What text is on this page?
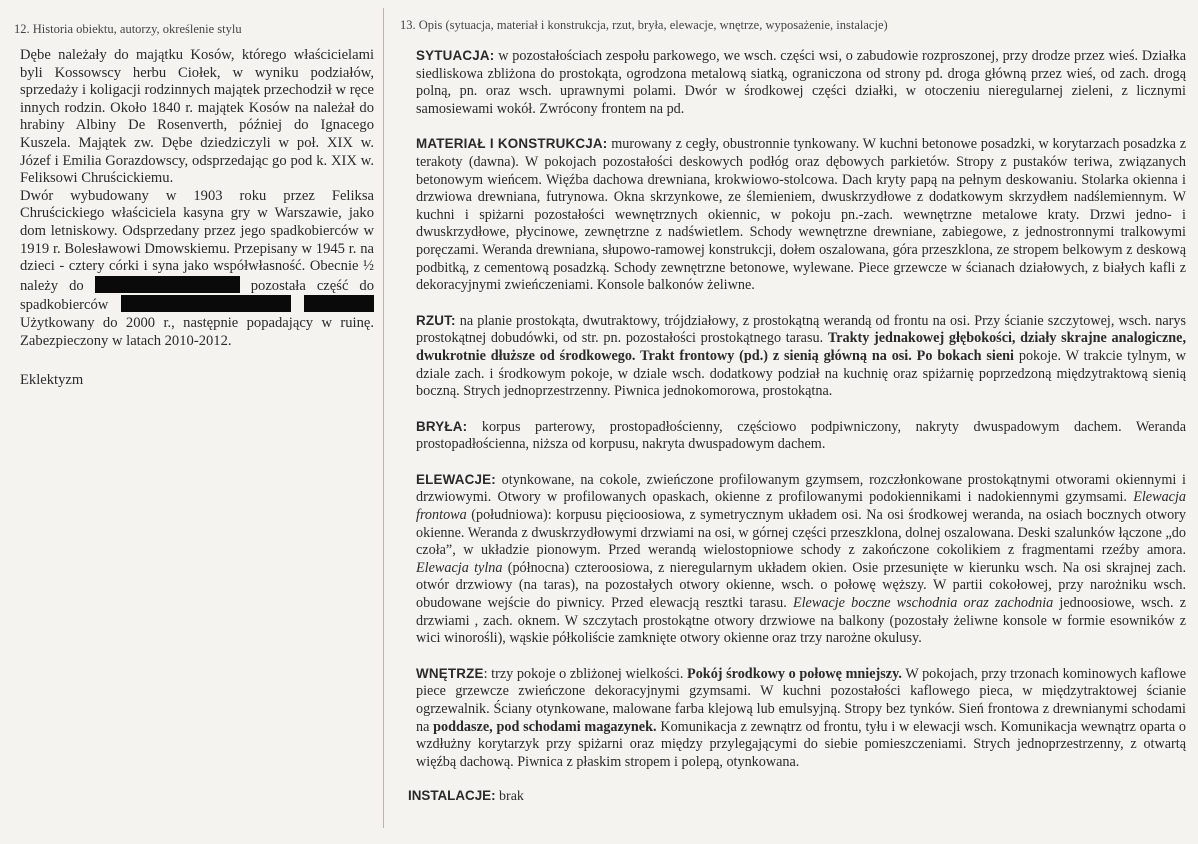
12. Historia obiektu, autorzy, określenie stylu

Dębe należały do majątku Kosów, którego właścicielami byli Kossowscy herbu Ciołek, w wyniku podziałów, sprzedaży i koligacji rodzinnych majątek przechodził w ręce innych rodzin. Około 1840 r. majątek Kosów na należał do hrabiny Albiny De Rosenverth, później do Ignacego Kuszela. Majątek zw. Dębe dziedziczyli w poł. XIX w. Józef i Emilia Gorazdowscy, odsprzedając go pod k. XIX w. Feliksowi Chruścickiemu.

Dwór wybudowany w 1903 roku przez Feliksa Chruścickiego właściciela kasyna gry w Warszawie, jako dom letniskowy. Odsprzedany przez jego spadkobierców w 1919 r. Bolesławowi Dmowskiemu. Przepisany w 1945 r. na dzieci - cztery córki i syna jako współwłasność. Obecnie ½ należy do	pozostała część do spadkobierców   Użytkowany do 2000 r., następnie popadający w ruinę. Zabezpieczony w latach 2010-2012.

Eklektyzm
13. Opis (sytuacja, materiał i konstrukcja, rzut, bryła, elewacje, wnętrze, wyposażenie, instalacje)
SYTUACJA: w pozostałościach zespołu parkowego, we wsch. części wsi, o zabudowie rozproszonej, przy drodze przez wieś. Działka siedliskowa zbliżona do prostokąta, ogrodzona metalową siatką, ograniczona od strony pd. droga główną przez wieś, od zach. drogą polną, pn. oraz wsch. uprawnymi polami. Dwór w środkowej części działki, w otoczeniu nieregularnej zieleni, z licznymi samosiewami wokół. Zwrócony frontem na pd.
MATERIAŁ I KONSTRUKCJA: murowany z cegły, obustronnie tynkowany. W kuchni betonowe posadzki, w korytarzach posadzka z terakoty (dawna). W pokojach pozostałości deskowych podłóg oraz dębowych parkietów. Stropy z pustaków teriwa, związanych betonowym wieńcem. Więźba dachowa drewniana, krokwiowo-stolcowa. Dach kryty papą na pełnym deskowaniu. Stolarka okienna i drzwiowa drewniana, futrynowa. Okna skrzynkowe, ze ślemieniem, dwuskrzydłowe z dodatkowym skrzydłem nadślemiennym. W kuchni i spiżarni pozostałości wewnętrznych okiennic, w pokoju pn.-zach. wewnętrzne metalowe kraty. Drzwi jedno- i dwuskrzydłowe, płycinowe, zewnętrzne z nadświetlem. Schody wewnętrzne drewniane, zabiegowe, z jednostronnymi tralkowymi poręczami. Weranda drewniana, słupowo-ramowej konstrukcji, dołem oszalowana, góra przeszklona, ze stropem belkowym z deskową podbitką, z cementową posadzką. Schody zewnętrzne betonowe, wylewane. Piece grzewcze w ścianach działowych, z białych kafli z dekoracyjnymi zwieńczeniami. Konsole balkonów żeliwne.
RZUT: na planie prostokąta, dwutraktowy, trójdziałowy, z prostokątną werandą od frontu na osi. Przy ścianie szczytowej, wsch. narys prostokątnej dobudówki, od str. pn. pozostałości prostokątnego tarasu. Trakty jednakowej głębokości, działy skrajne analogiczne, dwukrotnie dłuższe od środkowego. Trakt frontowy (pd.) z sienią główną na osi. Po bokach sieni pokoje. W trakcie tylnym, w dziale zach. i środkowym pokoje, w dziale wsch. dodatkowy podział na kuchnię oraz spiżarnię poprzedzoną międzytraktową sienią boczną. Strych jednoprzestrzenny. Piwnica jednokomorowa, prostokątna.
BRYŁA: korpus parterowy, prostopadłościenny, częściowo podpiwniczony, nakryty dwuspadowym dachem. Weranda prostopadłościenna, niższa od korpusu, nakryta dwuspadowym dachem.
ELEWACJE: otynkowane, na cokole, zwieńczone profilowanym gzymsem, rozczłonkowane prostokątnymi otworami okiennymi i drzwiowymi. Otwory w profilowanych opaskach, okienne z profilowanymi podokiennikami i nadokiennymi gzymsami. Elewacja frontowa (południowa): korpusu pięcioosiowa, z symetrycznym układem osi. Na osi środkowej weranda, na osiach bocznych otwory okienne. Weranda z dwuskrzydłowymi drzwiami na osi, w górnej części przeszklona, dolnej oszalowana. Deski szalunków łączone „do czoła”, w układzie pionowym. Przed werandą wielostopniowe schody z zakończone cokolikiem z fragmentami rzeźby amora. Elewacja tylna (północna) czteroosiowa, z nieregularnym układem okien. Osie przesunięte w kierunku wsch. Na osi skrajnej zach. otwór drzwiowy (na taras), na pozostałych otwory okienne, wsch. o połowę węższy. W partii cokołowej, przy narożniku wsch. obudowane wejście do piwnicy. Przed elewacją resztki tarasu. Elewacje boczne wschodnia oraz zachodnia jednoosiowe, wsch. z drzwiami , zach. oknem. W szczytach prostokątne otwory drzwiowe na balkony (pozostały żeliwne konsole w formie esowników z wici winorośli), wąskie półkoliście zamknięte otwory okienne oraz trzy narożne okulusy.
WNĘTRZE: trzy pokoje o zbliżonej wielkości. Pokój środkowy o połowę mniejszy. W pokojach, przy trzonach kominowych kaflowe piece grzewcze zwieńczone dekoracyjnymi gzymsami. W kuchni pozostałości kaflowego pieca, w międzytraktowej ścianie ogrzewalnik. Ściany otynkowane, malowane farba klejową lub emulsyjną. Stropy bez tynków. Sień frontowa z drewnianymi schodami na poddasze, pod schodami magazynek. Komunikacja z zewnątrz od frontu, tyłu i w elewacji wsch. Komunikacja wewnątrz oparta o wzdłużny korytarzyk przy spiżarni oraz między przylegającymi do siebie pomieszczeniami. Strych jednoprzestrzenny, z otwartą więźbą dachową. Piwnica z płaskim stropem i polepą, otynkowana.
INSTALACJE: brak
